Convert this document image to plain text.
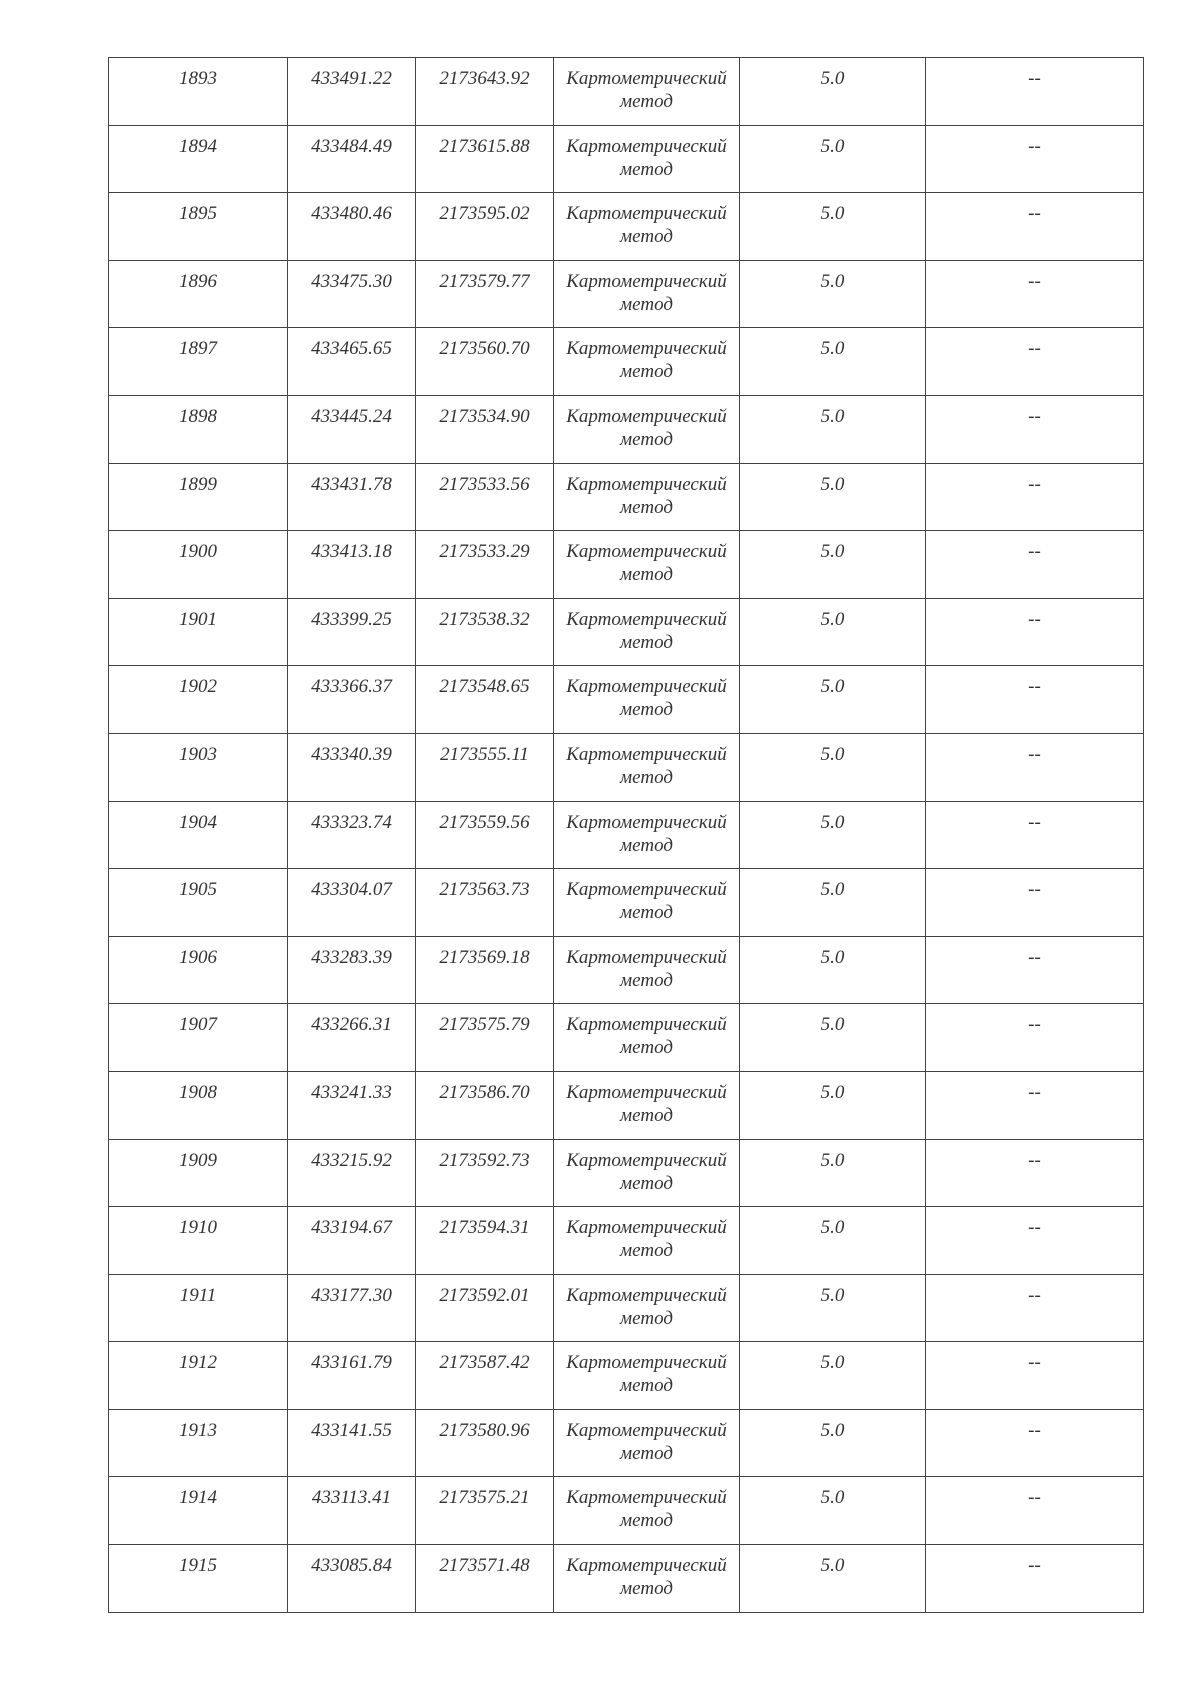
1893	433491.22	2173643.92	Картометрический метод	5.0	--
1894	433484.49	2173615.88	Картометрический метод	5.0	--
1895	433480.46	2173595.02	Картометрический метод	5.0	--
1896	433475.30	2173579.77	Картометрический метод	5.0	--
1897	433465.65	2173560.70	Картометрический метод	5.0	--
1898	433445.24	2173534.90	Картометрический метод	5.0	--
1899	433431.78	2173533.56	Картометрический метод	5.0	--
1900	433413.18	2173533.29	Картометрический метод	5.0	--
1901	433399.25	2173538.32	Картометрический метод	5.0	--
1902	433366.37	2173548.65	Картометрический метод	5.0	--
1903	433340.39	2173555.11	Картометрический метод	5.0	--
1904	433323.74	2173559.56	Картометрический метод	5.0	--
1905	433304.07	2173563.73	Картометрический метод	5.0	--
1906	433283.39	2173569.18	Картометрический метод	5.0	--
1907	433266.31	2173575.79	Картометрический метод	5.0	--
1908	433241.33	2173586.70	Картометрический метод	5.0	--
1909	433215.92	2173592.73	Картометрический метод	5.0	--
1910	433194.67	2173594.31	Картометрический метод	5.0	--
1911	433177.30	2173592.01	Картометрический метод	5.0	--
1912	433161.79	2173587.42	Картометрический метод	5.0	--
1913	433141.55	2173580.96	Картометрический метод	5.0	--
1914	433113.41	2173575.21	Картометрический метод	5.0	--
1915	433085.84	2173571.48	Картометрический метод	5.0	--
